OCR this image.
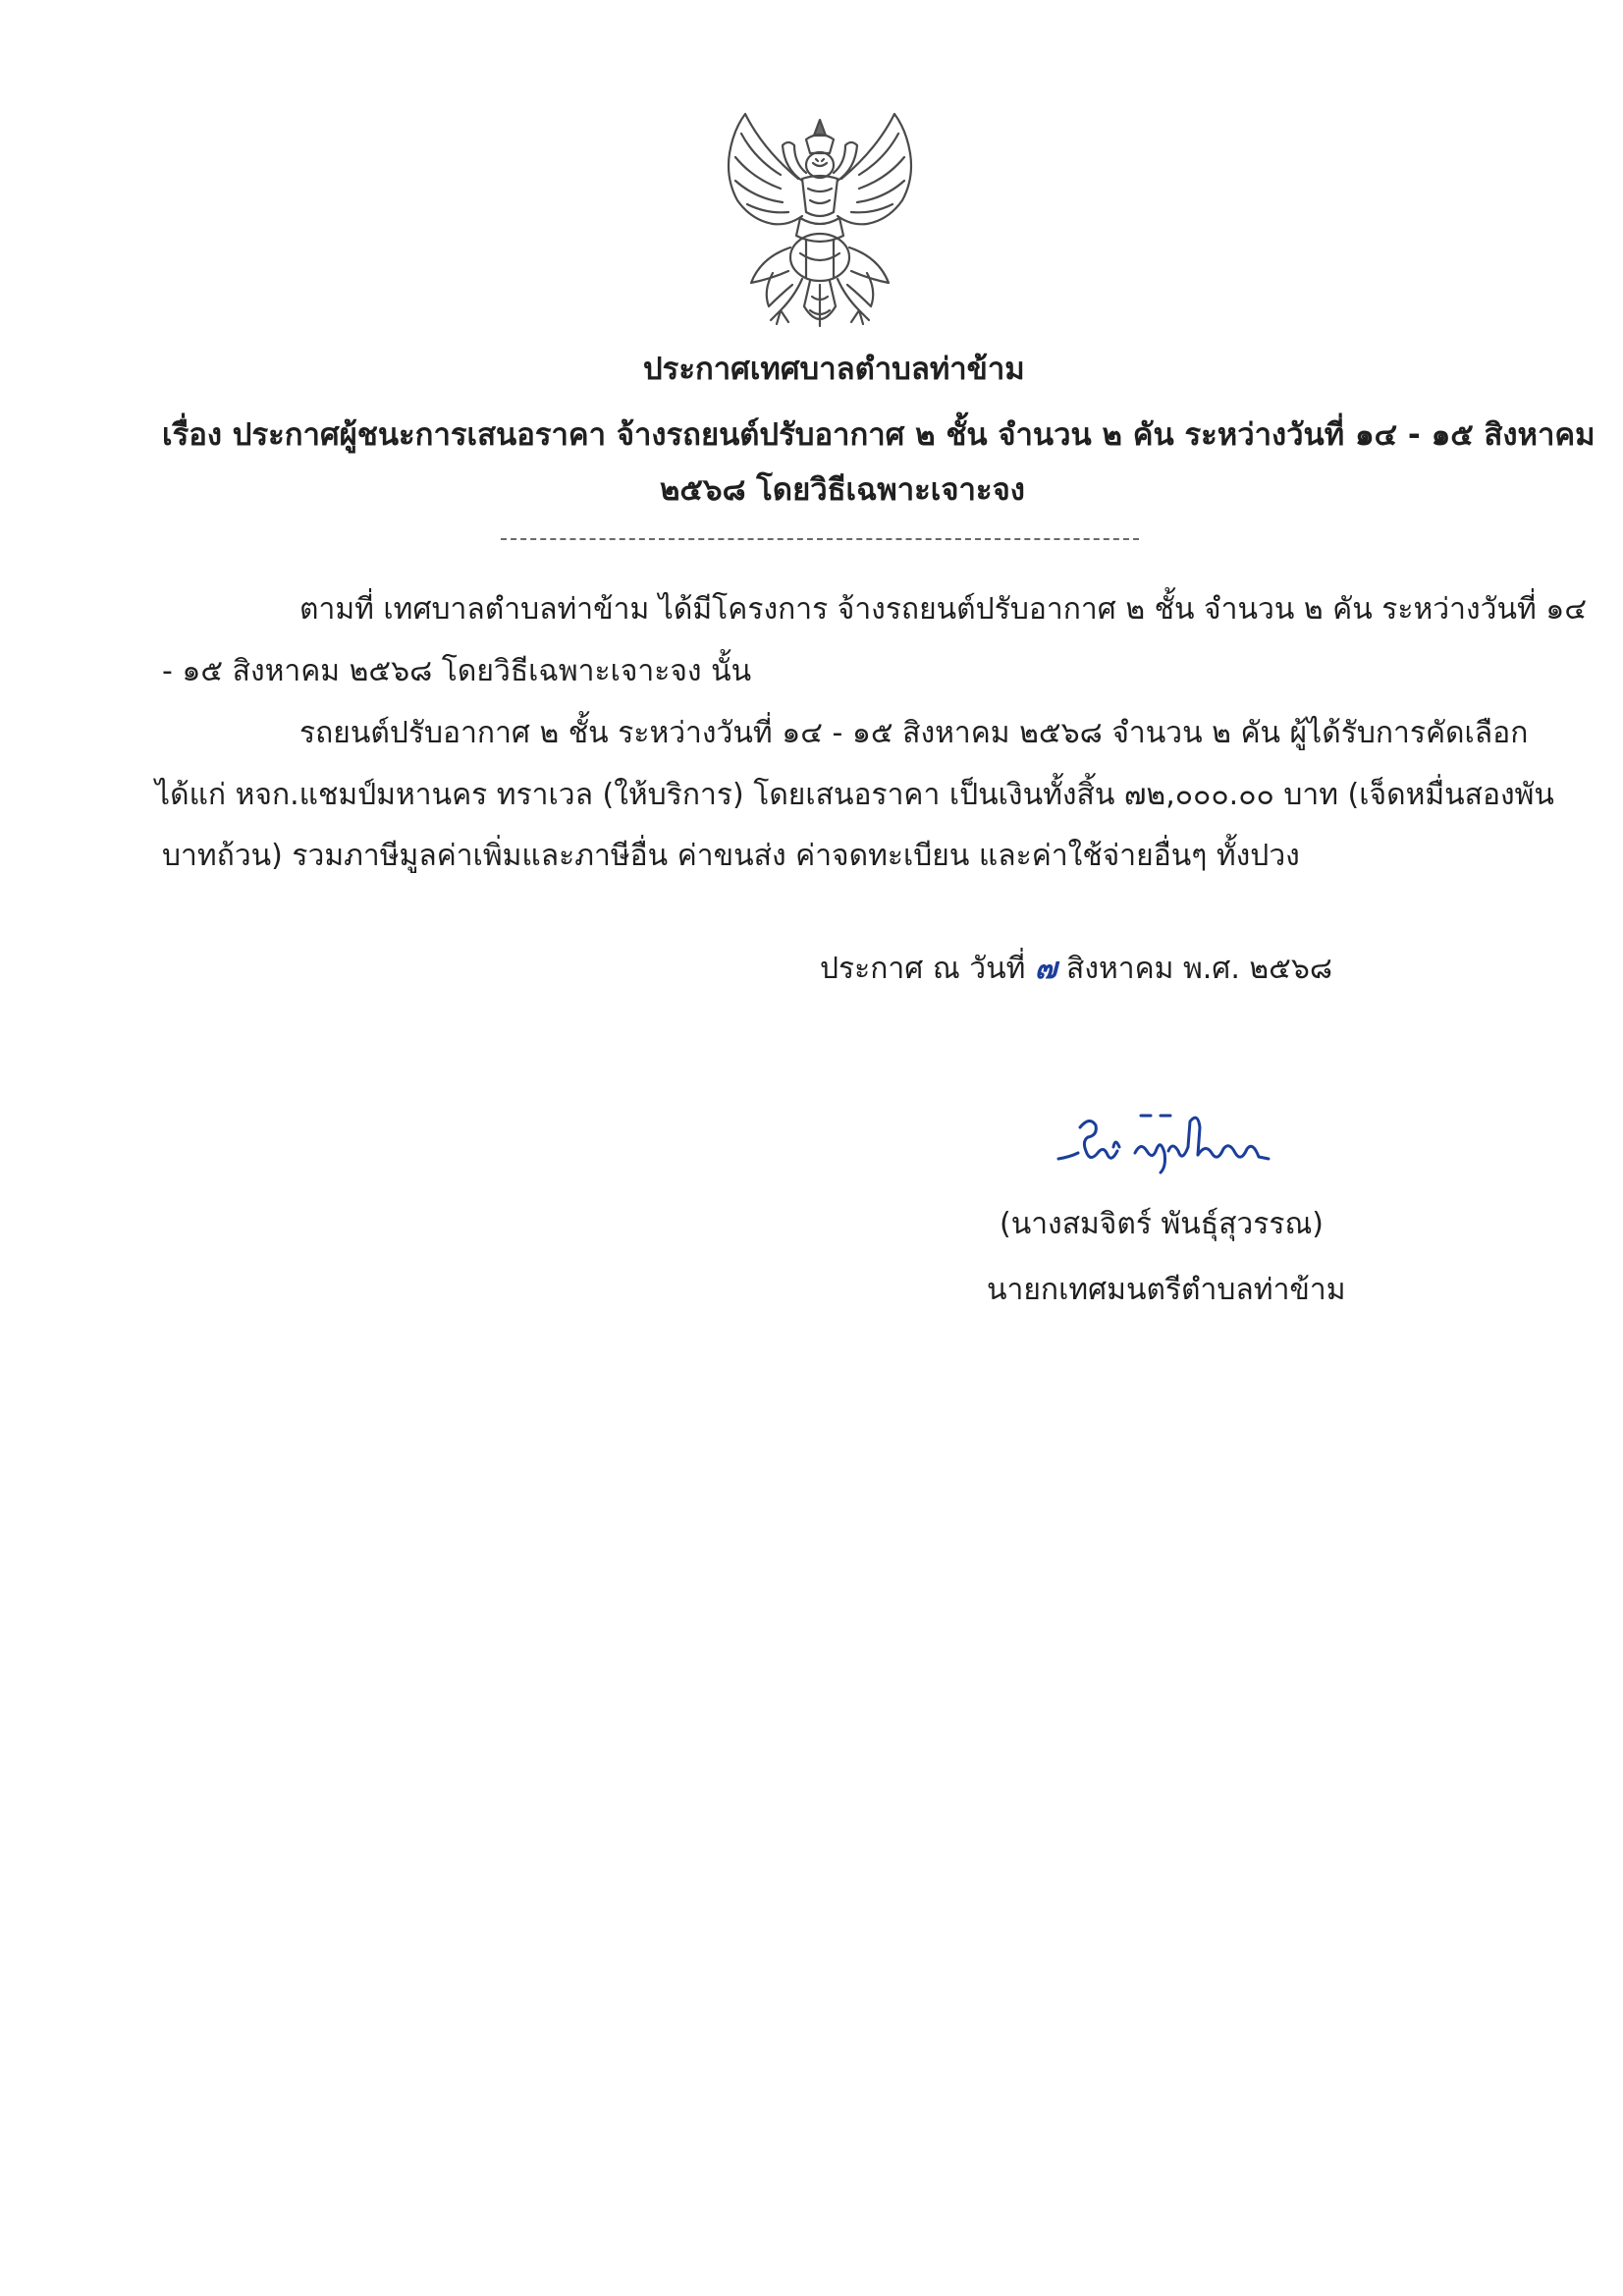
ประกาศเทศบาลตำบลท่าข้าม
เรื่อง ประกาศผู้ชนะการเสนอราคา จ้างรถยนต์ปรับอากาศ ๒ ชั้น จำนวน ๒ คัน ระหว่างวันที่ ๑๔ - ๑๕ สิงหาคม
๒๕๖๘ โดยวิธีเฉพาะเจาะจง
ตามที่ เทศบาลตำบลท่าข้าม ได้มีโครงการ จ้างรถยนต์ปรับอากาศ ๒ ชั้น จำนวน ๒ คัน ระหว่างวันที่ ๑๔
- ๑๕ สิงหาคม ๒๕๖๘ โดยวิธีเฉพาะเจาะจง นั้น
รถยนต์ปรับอากาศ ๒ ชั้น ระหว่างวันที่ ๑๔ - ๑๕ สิงหาคม ๒๕๖๘ จำนวน ๒ คัน ผู้ได้รับการคัดเลือก
ได้แก่ หจก.แชมป์มหานคร ทราเวล (ให้บริการ) โดยเสนอราคา เป็นเงินทั้งสิ้น ๗๒,๐๐๐.๐๐ บาท (เจ็ดหมื่นสองพัน
บาทถ้วน) รวมภาษีมูลค่าเพิ่มและภาษีอื่น ค่าขนส่ง ค่าจดทะเบียน และค่าใช้จ่ายอื่นๆ ทั้งปวง
ประกาศ ณ วันที่ ๗ สิงหาคม พ.ศ. ๒๕๖๘
(นางสมจิตร์ พันธุ์สุวรรณ)
นายกเทศมนตรีตำบลท่าข้าม
